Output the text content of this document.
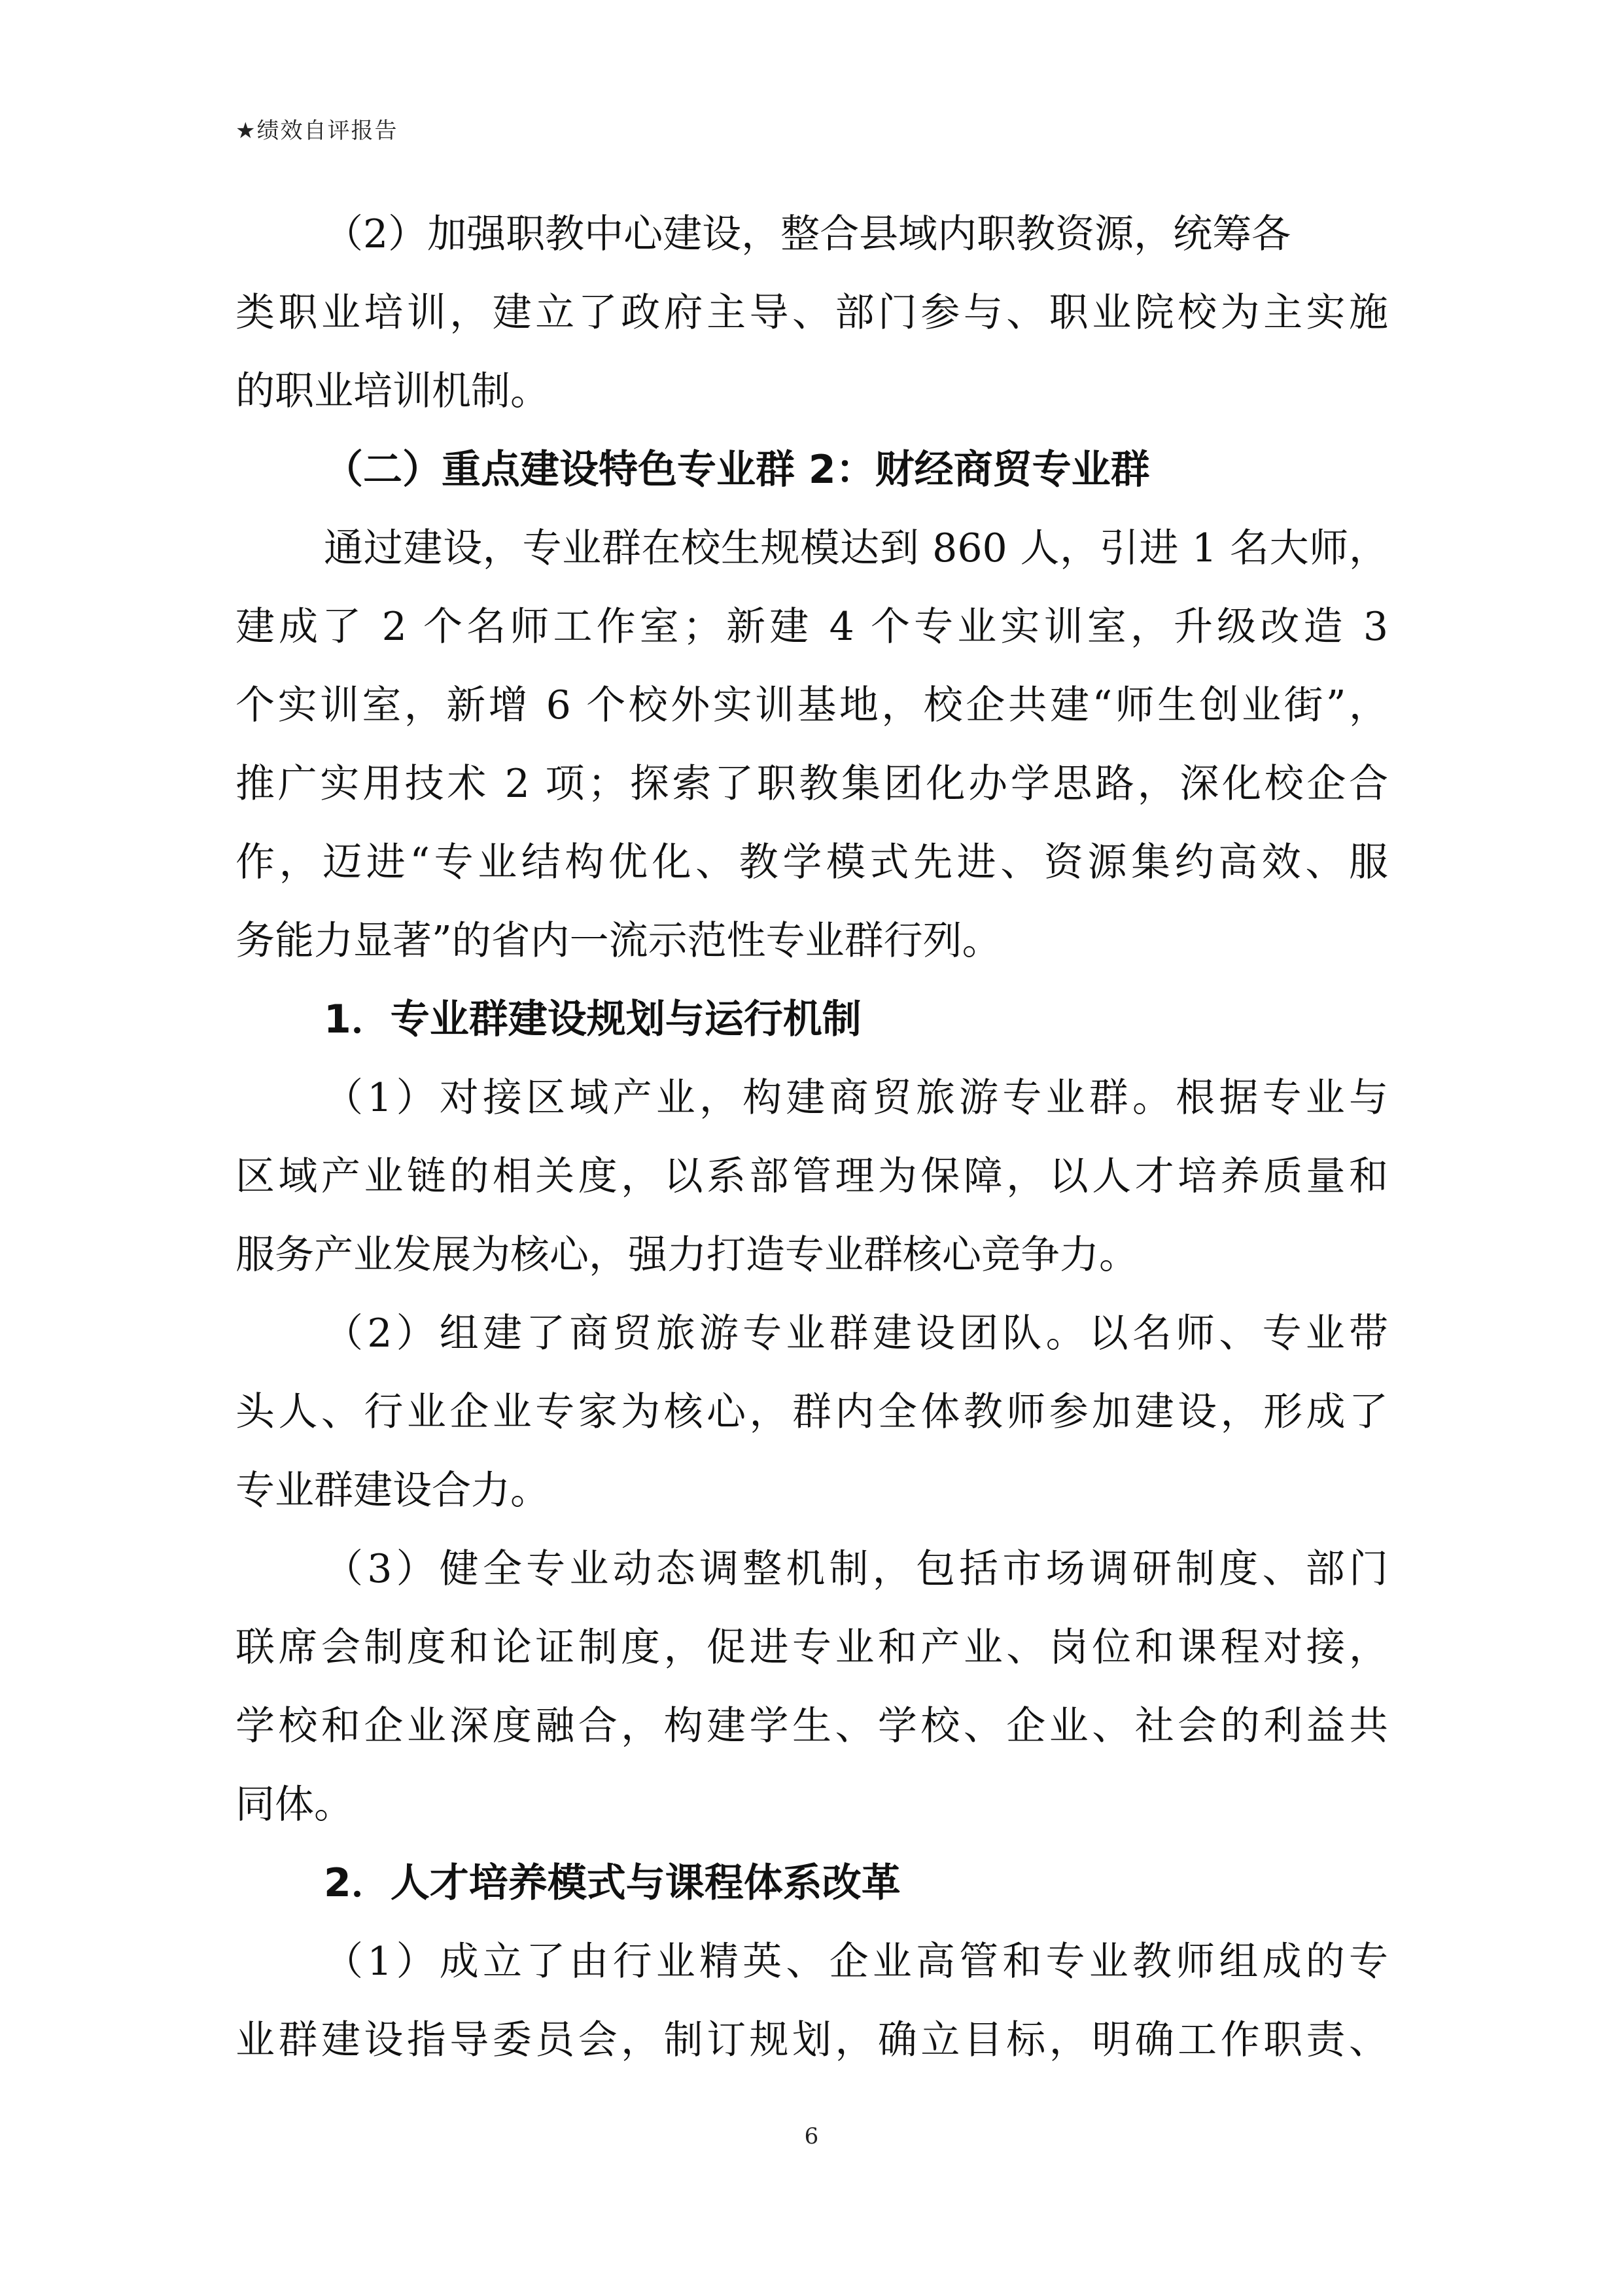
★绩效自评报告
（2）加强职教中心建设，整合县域内职教资源，统筹各
类职业培训，建立了政府主导、部门参与、职业院校为主实施
的职业培训机制。
（二）重点建设特色专业群 2：财经商贸专业群
通过建设，专业群在校生规模达到 860 人，引进 1 名大师，
建成了 2 个名师工作室；新建 4 个专业实训室，升级改造 3
个实训室，新增 6 个校外实训基地，校企共建“师生创业街”，
推广实用技术 2 项；探索了职教集团化办学思路，深化校企合
作，迈进“专业结构优化、教学模式先进、资源集约高效、服
务能力显著”的省内一流示范性专业群行列。
1．专业群建设规划与运行机制
（1）对接区域产业，构建商贸旅游专业群。根据专业与
区域产业链的相关度，以系部管理为保障，以人才培养质量和
服务产业发展为核心，强力打造专业群核心竞争力。
（2）组建了商贸旅游专业群建设团队。以名师、专业带
头人、行业企业专家为核心，群内全体教师参加建设，形成了
专业群建设合力。
（3）健全专业动态调整机制，包括市场调研制度、部门
联席会制度和论证制度，促进专业和产业、岗位和课程对接，
学校和企业深度融合，构建学生、学校、企业、社会的利益共
同体。
2．人才培养模式与课程体系改革
（1）成立了由行业精英、企业高管和专业教师组成的专
业群建设指导委员会，制订规划，确立目标，明确工作职责、
6
